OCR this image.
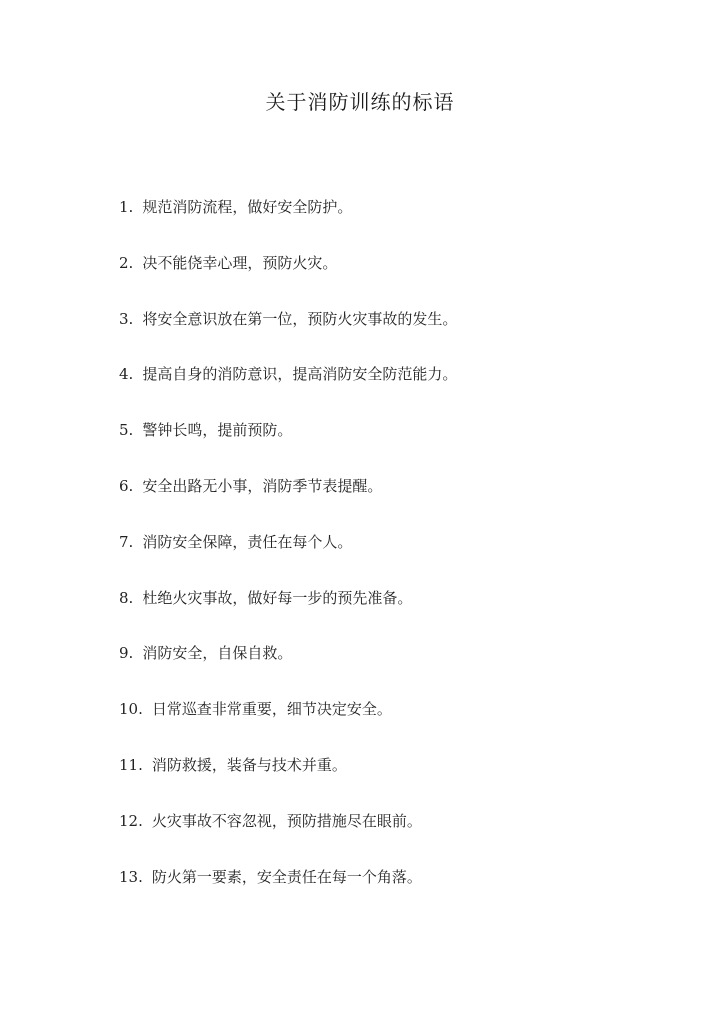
关于消防训练的标语
1. 规范消防流程，做好安全防护。
2. 决不能侥幸心理，预防火灾。
3. 将安全意识放在第一位，预防火灾事故的发生。
4. 提高自身的消防意识，提高消防安全防范能力。
5. 警钟长鸣，提前预防。
6. 安全出路无小事，消防季节表提醒。
7. 消防安全保障，责任在每个人。
8. 杜绝火灾事故，做好每一步的预先准备。
9. 消防安全，自保自救。
10. 日常巡查非常重要，细节决定安全。
11. 消防救援，装备与技术并重。
12. 火灾事故不容忽视，预防措施尽在眼前。
13. 防火第一要素，安全责任在每一个角落。
